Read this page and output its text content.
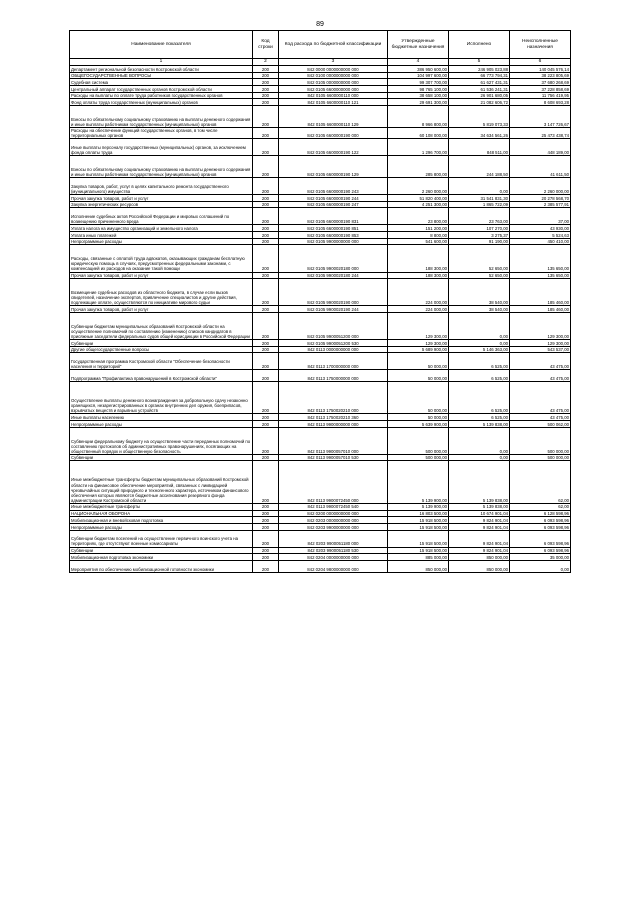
89
Наименование показателя	Код строки	Код расхода по бюджетной классификации	Утвержденные бюджетные назначения	Исполнено	Неисполненные назначения
1	2	3	4	5	6
Департамент региональной безопасности Костромской области	200	842 0000 0000000000 000	386 950 600,00	246 905 023,88	140 045 576,14
ОБЩЕГОСУДАРСТВЕННЫЕ ВОПРОСЫ	200	842 0100 0000000000 000	104 997 600,00	66 773 794,31	38 223 805,69
Судебная система	200	842 0105 0000000000 000	99 307 700,00	61 627 431,31	37 680 268,69
Центральный аппарат государственных органов Костромской области	200	842 0105 6600000000 000	98 765 100,00	61 536 241,31	37 228 858,69
Расходы на выплаты по оплате труда работников государственных органов	200	842 0105 6600000110 000	38 658 100,00	26 901 680,05	11 756 419,95
Фонд оплаты труда государственных (муниципальных) органов	200	842 0105 6600000110 121	29 691 300,00	21 082 606,72	8 608 693,28
Взносы по обязательному социальному страхованию на выплаты денежного содержания и иные выплаты работникам государственных (муниципальных) органов	200	842 0105 6600000110 129	8 966 800,00	5 819 073,33	3 147 726,67
Расходы на обеспечение функций государственных органов, в том числе территориальных органов	200	842 0105 6600000190 000	60 108 000,00	34 634 561,26	25 473 438,74
Иные выплаты персоналу государственных (муниципальных) органов, за исключением фонда оплаты труда	200	842 0105 6600000190 122	1 296 700,00	848 511,00	448 189,00
Взносы по обязательному социальному страхованию на выплаты денежного содержания и иные выплаты работникам государственных (муниципальных) органов	200	842 0105 6600000190 129	285 800,00	244 188,50	41 611,50
Закупка товаров, работ, услуг в целях капитального ремонта государственного (муниципального) имущества	200	842 0105 6600000190 243	2 260 000,00	0,00	2 260 000,00
Прочая закупка товаров, работ и услуг	200	842 0105 6600000190 244	51 820 400,00	31 541 831,30	20 278 568,70
Закупка энергетических ресурсов	200	842 0105 6600000190 247	4 251 300,00	1 865 722,09	2 385 577,91
Исполнение судебных актов Российской Федерации и мировых соглашений по возмещению причиненного вреда	200	842 0105 6600000190 831	23 800,00	23 763,00	37,00
Уплата налога на имущество организаций и земельного налога	200	842 0105 6600000190 851	151 200,00	107 270,00	43 930,00
Уплата иных платежей	200	842 0105 6600000190 853	8 800,00	3 275,37	5 524,63
Непрограммные расходы	200	842 0105 9900000000 000	541 600,00	91 190,00	450 410,00
Расходы, связанные с оплатой труда адвокатов, оказывающих гражданам бесплатную юридическую помощь в случаях, предусмотренных федеральными законами, с компенсацией их расходов на оказание такой помощи	200	842 0105 9900020180 000	188 300,00	52 650,00	135 650,00
Прочая закупка товаров, работ и услуг	200	842 0105 9900020180 244	188 300,00	52 650,00	135 650,00
Возмещение судебных расходов из областного бюджета, в случае если вызов свидетелей, назначение экспертов, привлечение специалистов и другие действия, подлежащие оплате, осуществляются по инициативе мирового судьи	200	842 0105 9900020190 000	224 000,00	38 540,00	185 460,00
Прочая закупка товаров, работ и услуг	200	842 0105 9900020190 244	224 000,00	38 540,00	185 460,00
Субвенции бюджетам муниципальных образований Костромской области на осуществление полномочий по составлению (изменению) списков кандидатов в присяжные заседатели федеральных судов общей юрисдикции в Российской Федерации	200	842 0105 9900051200 000	129 300,00	0,00	129 300,00
Субвенции	200	842 0105 9900051200 530	129 300,00	0,00	129 300,00
Другие общегосударственные вопросы	200	842 0113 0000000000 000	5 689 900,00	5 146 363,00	543 537,00
Государственная программа Костромской области "Обеспечение безопасности населения и территорий"	200	842 0113 1700000000 000	50 000,00	6 525,00	43 475,00
Подпрограмма "Профилактика правонарушений в Костромской области"	200	842 0113 1750000000 000	50 000,00	6 525,00	43 475,00
Осуществление выплаты денежного вознаграждения за добровольную сдачу незаконно хранящихся, незарегистрированных в органах внутренних дел оружия, боеприпасов, взрывчатых веществ и взрывных устройств	200	842 0113 1750020210 000	50 000,00	6 525,00	43 475,00
Иные выплаты населению	200	842 0113 1750020210 360	50 000,00	6 525,00	43 475,00
Непрограммные расходы	200	842 0113 9900000000 000	5 639 900,00	5 139 838,00	500 062,00
Субвенции федеральному бюджету на осуществление части переданных полномочий по составлению протоколов об административных правонарушениях, посягающих на общественный порядок и общественную безопасность	200	842 0113 9900057010 000	500 000,00	0,00	500 000,00
Субвенции	200	842 0113 9900057010 530	500 000,00	0,00	500 000,00
Иные межбюджетные трансферты бюджетам муниципальных образований Костромской области на финансовое обеспечение мероприятий, связанных с ликвидацией чрезвычайных ситуаций природного и техногенного характера, источником финансового обеспечения которых являются бюджетные ассигнования резервного фонда администрации Костромской области	200	842 0113 9900072450 000	5 139 900,00	5 139 838,00	62,00
Иные межбюджетные трансферты	200	842 0113 9900072450 540	5 139 900,00	5 139 838,00	62,00
НАЦИОНАЛЬНАЯ ОБОРОНА	200	842 0200 0000000000 000	16 803 500,00	10 674 901,04	6 128 598,96
Мобилизационная и вневойсковая подготовка	200	842 0203 0000000000 000	15 918 500,00	9 824 901,04	6 093 598,96
Непрограммные расходы	200	842 0203 9900000000 000	15 918 500,00	9 824 901,04	6 093 598,96
Субвенции бюджетам поселений на осуществление первичного воинского учета на территориях, где отсутствуют военные комиссариаты	200	842 0203 9900051180 000	15 918 500,00	9 824 901,04	6 093 598,96
Субвенции	200	842 0203 9900051180 530	15 918 500,00	9 824 901,04	6 093 598,96
Мобилизационная подготовка экономики	200	842 0204 0000000000 000	885 000,00	850 000,00	35 000,00
Мероприятия по обеспечению мобилизационной готовности экономики	200	842 0204 9800000000 000	850 000,00	850 000,00	0,00
